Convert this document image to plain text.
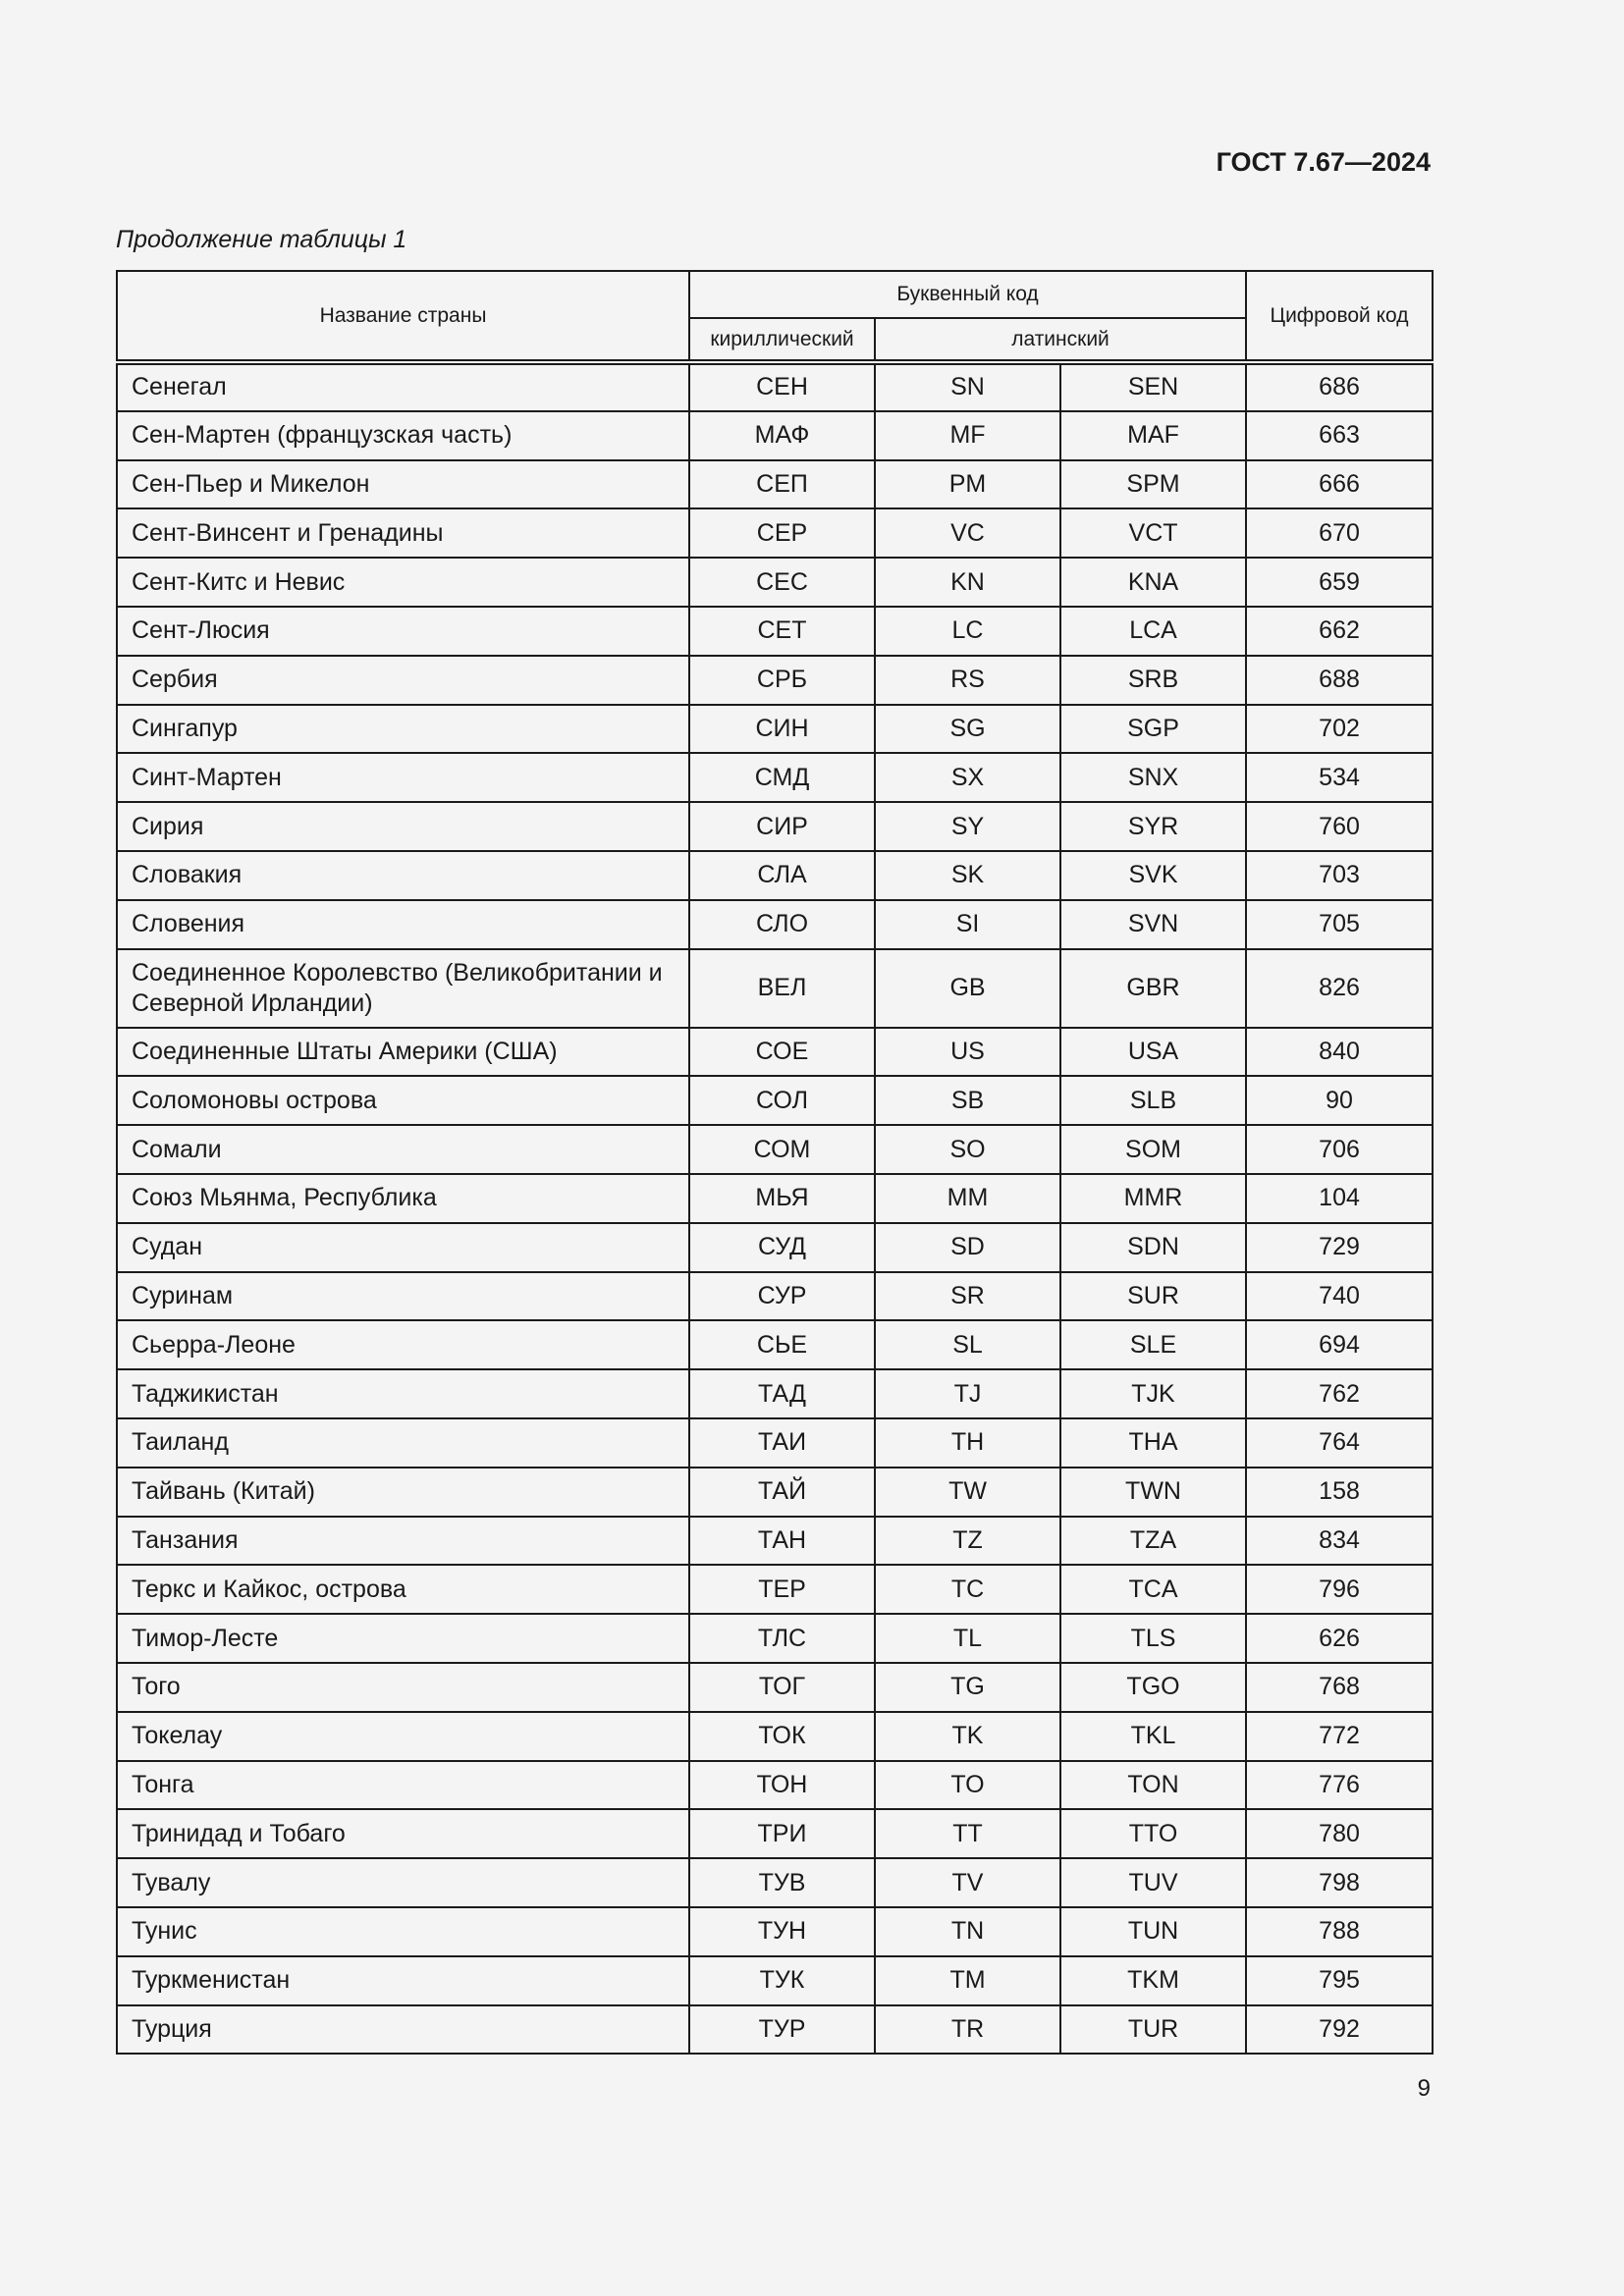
ГОСТ 7.67—2024
Продолжение таблицы 1
Название страны	Буквенный код			Цифровой код
	кириллический	латинский		
Сенегал	СЕН	SN	SEN	686
Сен-Мартен (французская часть)	МАФ	MF	MAF	663
Сен-Пьер и Микелон	СЕП	PM	SPM	666
Сент-Винсент и Гренадины	СЕР	VC	VCT	670
Сент-Китс и Невис	СЕС	KN	KNA	659
Сент-Люсия	СЕТ	LC	LCA	662
Сербия	СРБ	RS	SRB	688
Сингапур	СИН	SG	SGP	702
Синт-Мартен	СМД	SX	SNX	534
Сирия	СИР	SY	SYR	760
Словакия	СЛА	SK	SVK	703
Словения	СЛО	SI	SVN	705
Соединенное Королевство (Великобритании и Северной Ирландии)	ВЕЛ	GB	GBR	826
Соединенные Штаты Америки (США)	СОЕ	US	USA	840
Соломоновы острова	СОЛ	SB	SLB	90
Сомали	СОМ	SO	SOM	706
Союз Мьянма, Республика	МЬЯ	MM	MMR	104
Судан	СУД	SD	SDN	729
Суринам	СУР	SR	SUR	740
Сьерра-Леоне	СЬЕ	SL	SLE	694
Таджикистан	ТАД	TJ	TJK	762
Таиланд	ТАИ	TH	THA	764
Тайвань (Китай)	ТАЙ	TW	TWN	158
Танзания	ТАН	TZ	TZA	834
Теркс и Кайкос, острова	ТЕР	TC	TCA	796
Тимор-Лесте	ТЛС	TL	TLS	626
Того	ТОГ	TG	TGO	768
Токелау	ТОК	TK	TKL	772
Тонга	ТОН	TO	TON	776
Тринидад и Тобаго	ТРИ	TT	TTO	780
Тувалу	ТУВ	TV	TUV	798
Тунис	ТУН	TN	TUN	788
Туркменистан	ТУК	TM	TKM	795
Турция	ТУР	TR	TUR	792
9
